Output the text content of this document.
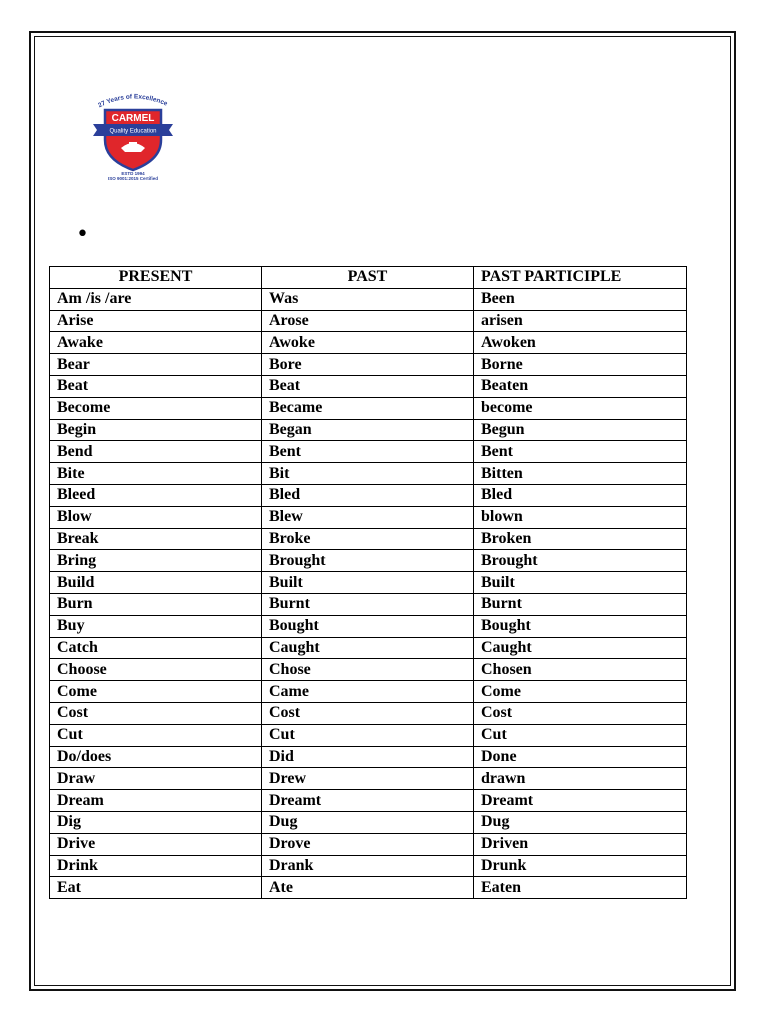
27 Years of Excellence
CARMEL
Quality Education
ESTD 1994
ISO 9001:2015 Certified
•
PRESENT	PAST	PAST PARTICIPLE
Am /is /are	Was	Been
Arise	Arose	arisen
Awake	Awoke	Awoken
Bear	Bore	Borne
Beat	Beat	Beaten
Become	Became	become
Begin	Began	Begun
Bend	Bent	Bent
Bite	Bit	Bitten
Bleed	Bled	Bled
Blow	Blew	blown
Break	Broke	Broken
Bring	Brought	Brought
Build	Built	Built
Burn	Burnt	Burnt
Buy	Bought	Bought
Catch	Caught	Caught
Choose	Chose	Chosen
Come	Came	Come
Cost	Cost	Cost
Cut	Cut	Cut
Do/does	Did	Done
Draw	Drew	drawn
Dream	Dreamt	Dreamt
Dig	Dug	Dug
Drive	Drove	Driven
Drink	Drank	Drunk
Eat	Ate	Eaten
